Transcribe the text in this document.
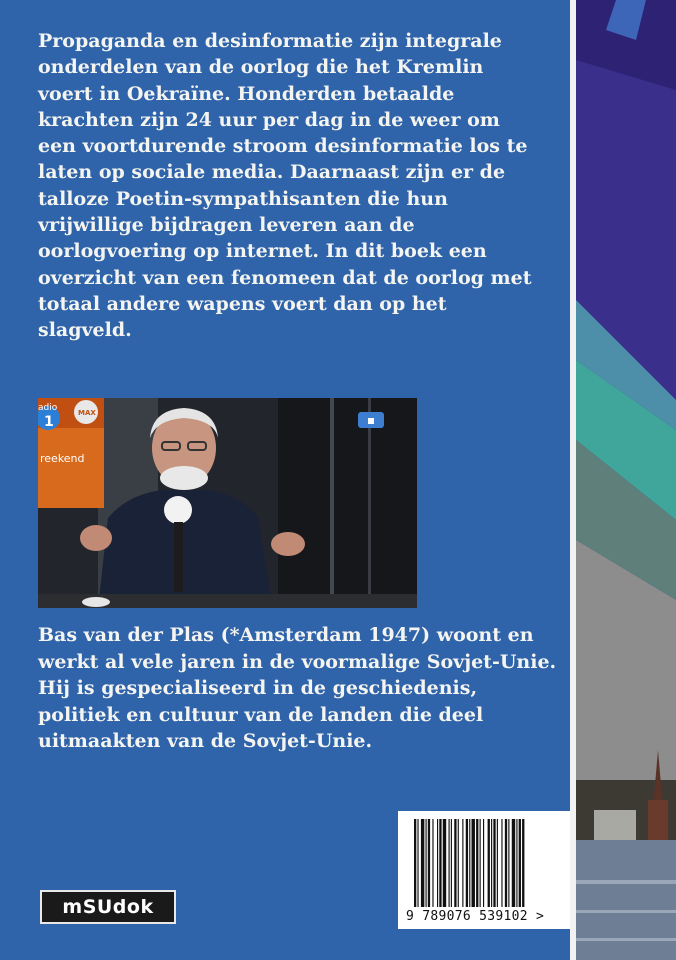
Propaganda en desinformatie zijn integrale onderdelen van de oorlog die het Kremlin voert in Oekraïne. Honderden betaalde krachten zijn 24 uur per dag in de weer om een voortdurende stroom desinformatie los te laten op sociale media. Daarnaast zijn er de talloze Poetin-sympathisanten die hun vrijwillige bijdragen leveren aan de oorlogvoering op internet. In dit boek een overzicht van een fenomeen dat de oorlog met totaal andere wapens voert dan op het slagveld.

adio
1
MAX
reekend

Bas van der Plas (*Amsterdam 1947) woont en werkt al vele jaren in de voormalige Sovjet-Unie. Hij is gespecialiseerd in de geschiedenis, politiek en cultuur van de landen die deel uitmaakten van de Sovjet-Unie.

mSUdok	9 789076 539102 >
